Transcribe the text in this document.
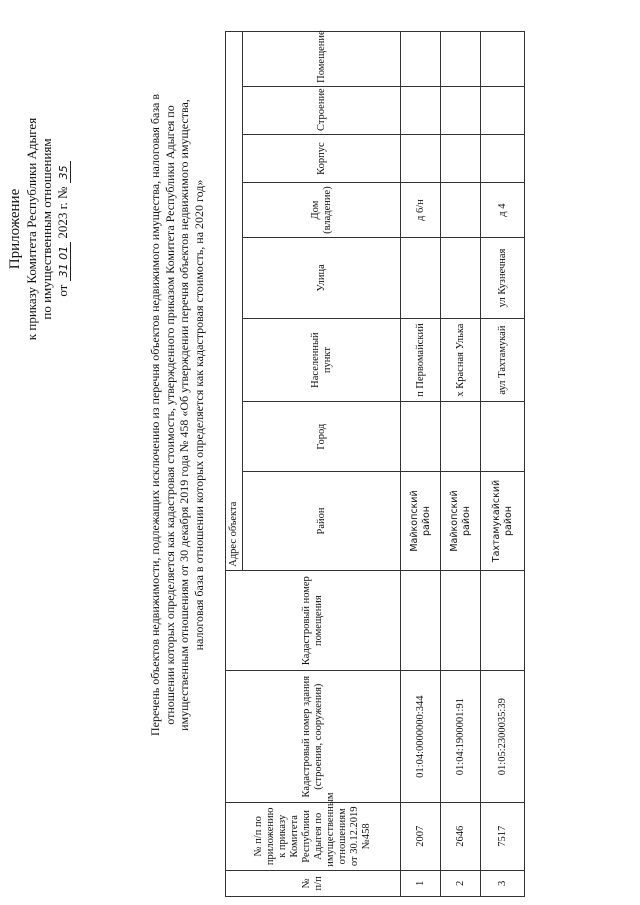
Приложение к приказу Комитета Республики Адыгея по имущественным отношениям от 31 01 2023 г. № 35	Перечень объектов недвижимости, подлежащих исключению из перечня объектов недвижимого имущества, налоговая база в отношении которых определяется как кадастровая стоимость, утвержденного приказом Комитета Республики Адыгея по имущественным отношениям от 30 декабря 2019 года № 458 «Об утверждении перечня объектов недвижимого имущества, налоговая база в отношении которых определяется как кадастровая стоимость, на 2020 год»
№ п/п	№ п/п по приложению к приказу Комитета Республики Адыгея по имущественным отношениям от 30.12.2019 №458	Кадастровый номер здания (строения, сооружения)	Кадастровый номер помещения	Адрес объекта							
				Район	Город	Населенный пункт	Улица	Дом (владение)	Корпус	Строение	Помещение
1	2007	01:04:0000000:344		Майкопский район		п Первомайский		д 6/н			
2	2646	01:04:1900001:91		Майкопский район		х Красная Улька					
3	7517	01:05:2300035:39		Тахтамукайский район		аул Тахтамукай	ул Кузнечная	д 4			
